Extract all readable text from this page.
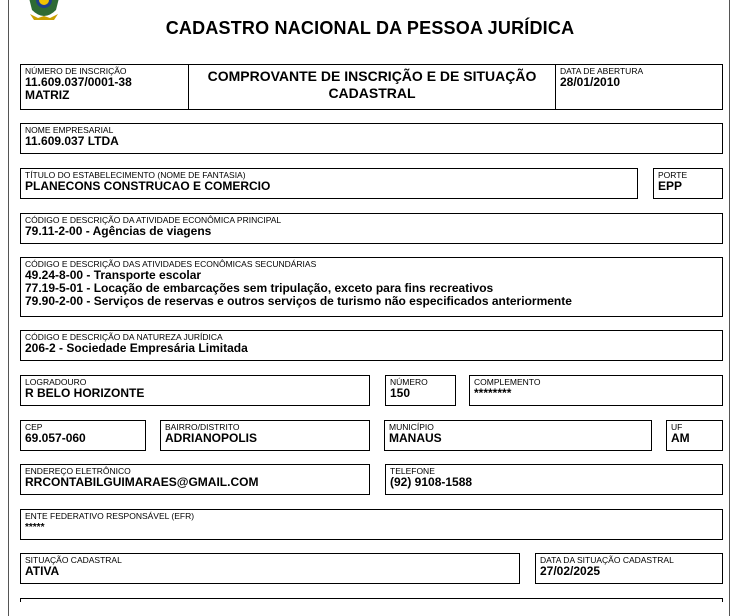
CADASTRO NACIONAL DA PESSOA JURÍDICA
NÚMERO DE INSCRIÇÃO
11.609.037/0001-38
MATRIZ
COMPROVANTE DE INSCRIÇÃO E DE SITUAÇÃO CADASTRAL
DATA DE ABERTURA
28/01/2010
NOME EMPRESARIAL
11.609.037 LTDA
TÍTULO DO ESTABELECIMENTO (NOME DE FANTASIA)
PLANECONS CONSTRUCAO E COMERCIO
PORTE
EPP
CÓDIGO E DESCRIÇÃO DA ATIVIDADE ECONÔMICA PRINCIPAL
79.11-2-00 - Agências de viagens
CÓDIGO E DESCRIÇÃO DAS ATIVIDADES ECONÔMICAS SECUNDÁRIAS
49.24-8-00 - Transporte escolar
77.19-5-01 - Locação de embarcações sem tripulação, exceto para fins recreativos
79.90-2-00 - Serviços de reservas e outros serviços de turismo não especificados anteriormente
CÓDIGO E DESCRIÇÃO DA NATUREZA JURÍDICA
206-2 - Sociedade Empresária Limitada
LOGRADOURO
R BELO HORIZONTE
NÚMERO
150
COMPLEMENTO
********
CEP
69.057-060
BAIRRO/DISTRITO
ADRIANOPOLIS
MUNICÍPIO
MANAUS
UF
AM
ENDEREÇO ELETRÔNICO
RRCONTABILGUIMARAES@GMAIL.COM
TELEFONE
(92) 9108-1588
ENTE FEDERATIVO RESPONSÁVEL (EFR)
*****
SITUAÇÃO CADASTRAL
ATIVA
DATA DA SITUAÇÃO CADASTRAL
27/02/2025
